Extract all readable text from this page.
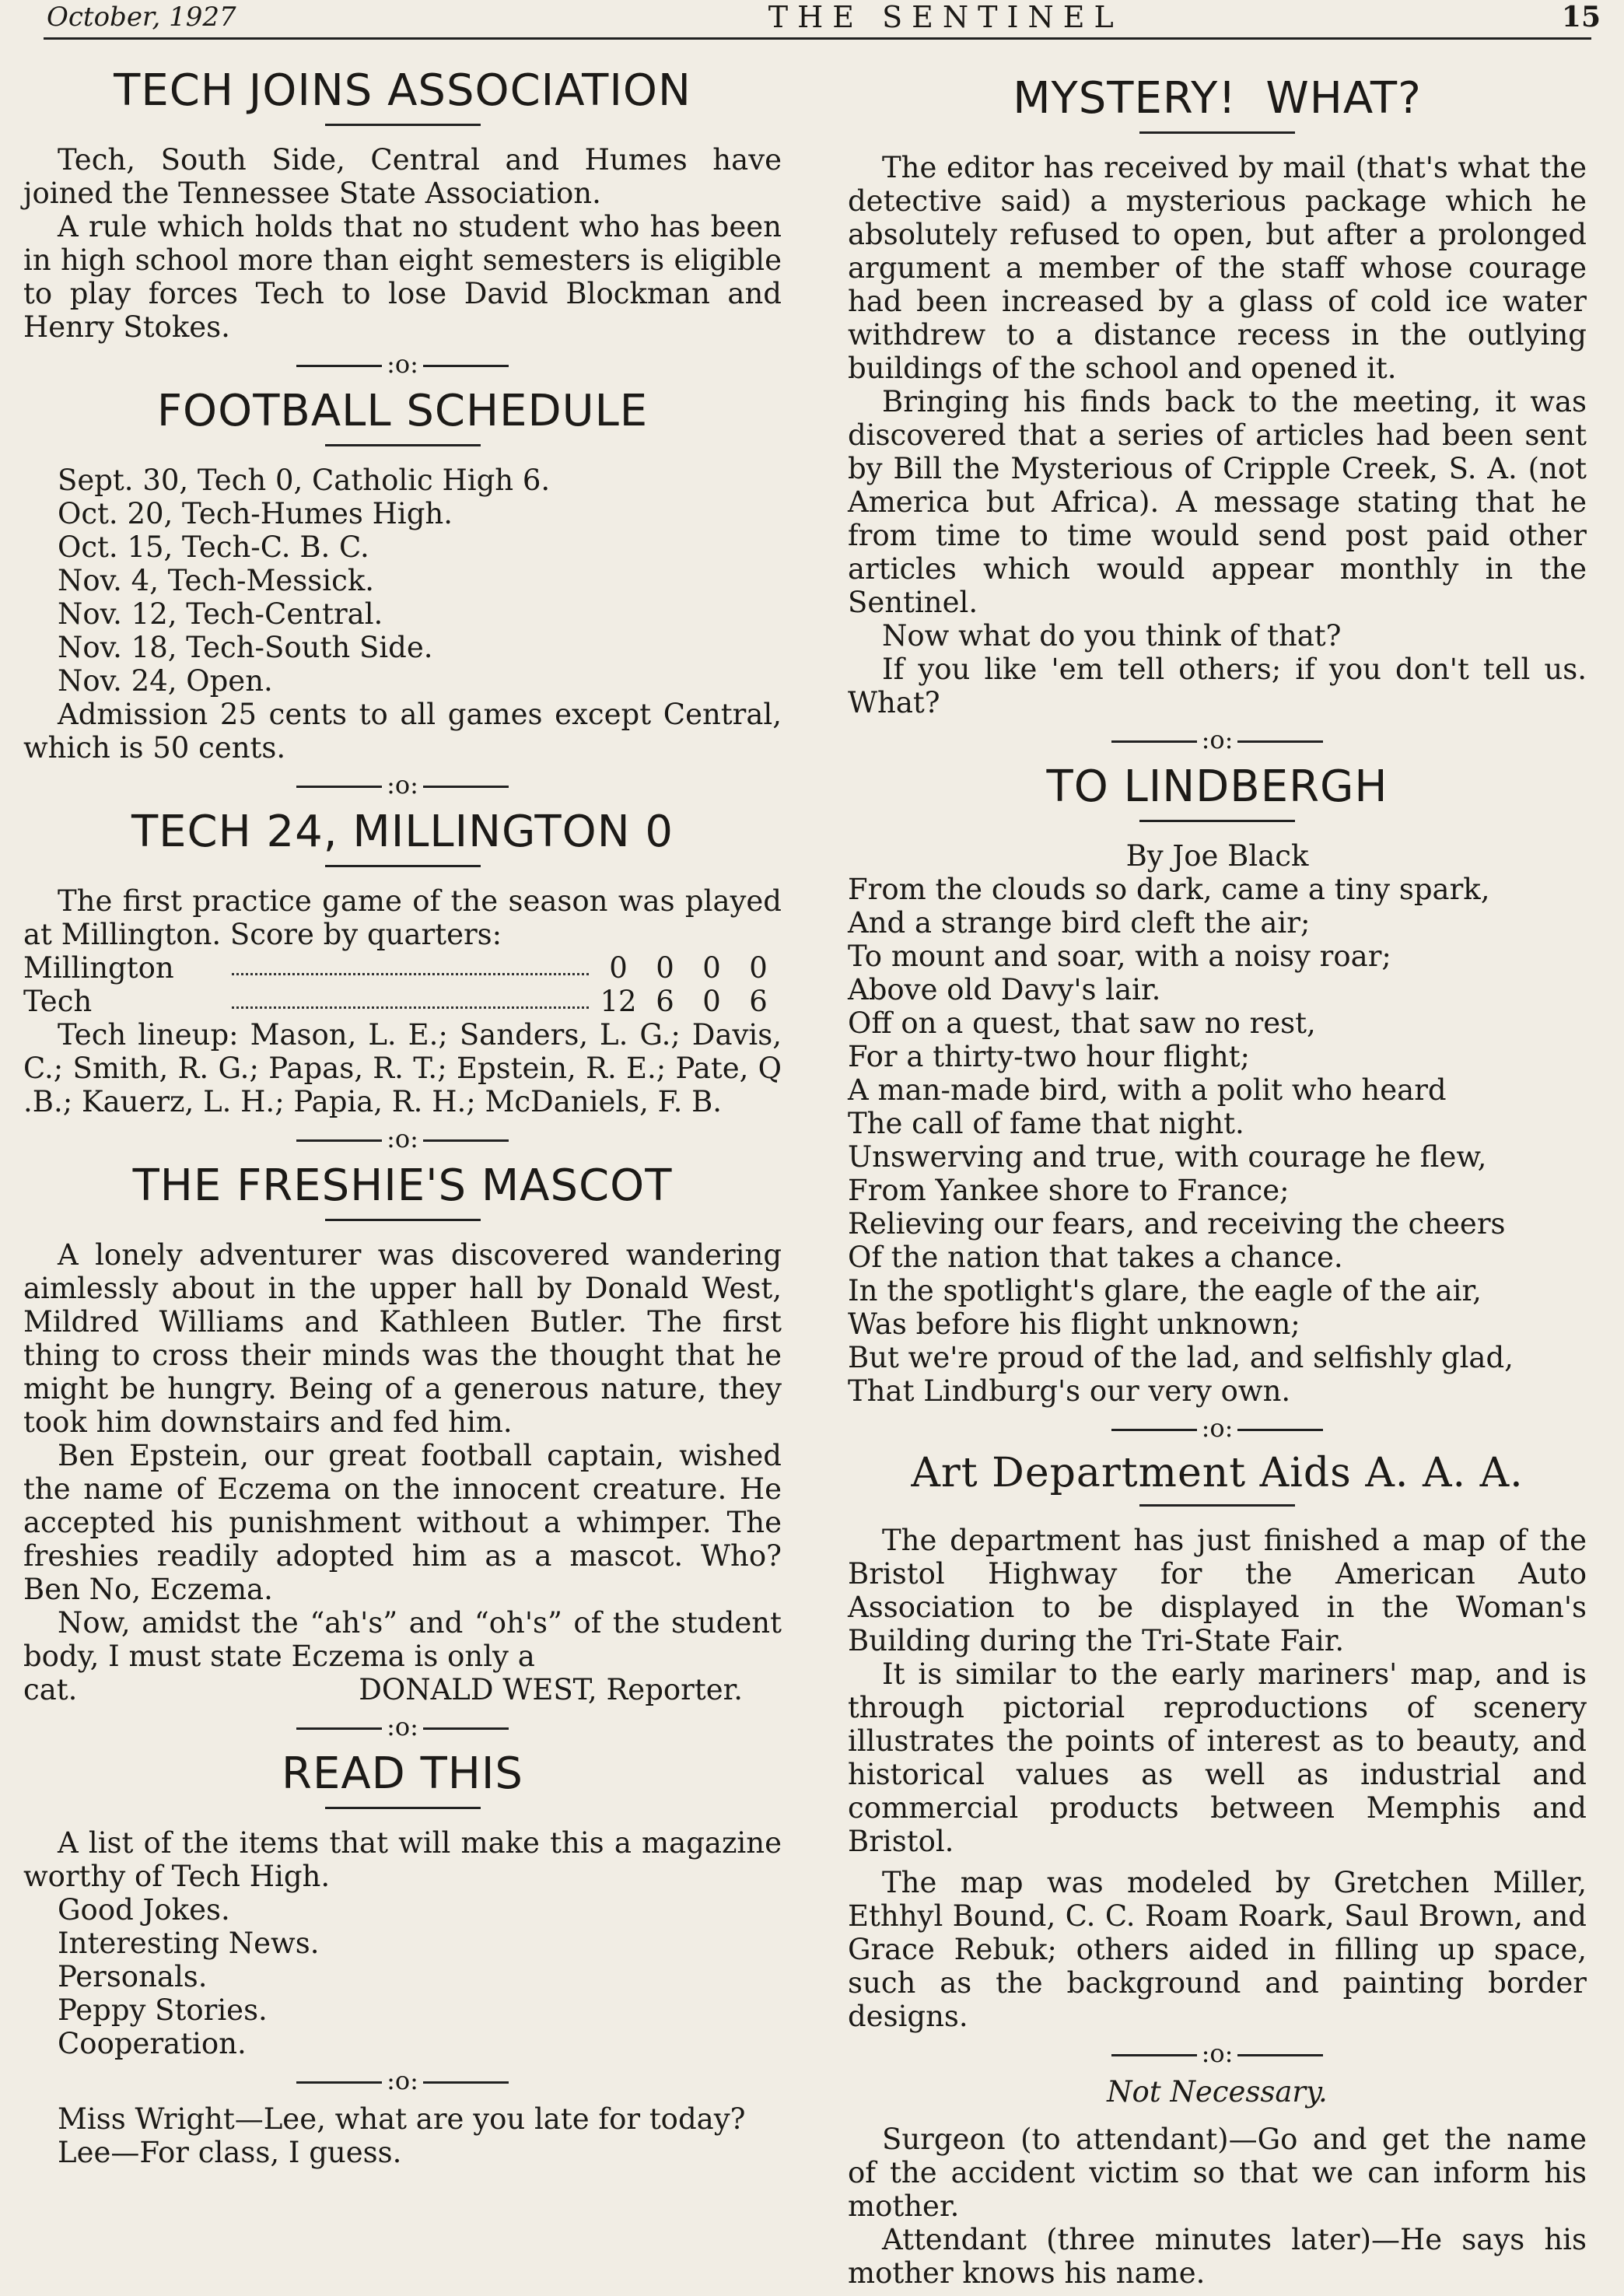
October, 1927	THE SENTINEL	15
TECH JOINS ASSOCIATION

Tech, South Side, Central and Humes have joined the Tennessee State Association.

A rule which holds that no student who has been in high school more than eight semesters is eligible to play forces Tech to lose David Blockman and Henry Stokes.

:o:
FOOTBALL SCHEDULE
Sept. 30, Tech 0, Catholic High 6.
Oct. 20, Tech-Humes High.
Oct. 15, Tech-C. B. C.
Nov. 4, Tech-Messick.
Nov. 12, Tech-Central.
Nov. 18, Tech-South Side.
Nov. 24, Open.

Admission 25 cents to all games except Central, which is 50 cents.

:o:
TECH 24, MILLINGTON 0

The first practice game of the season was played at Millington. Score by quarters:

Millington	0 0 0 0
Tech	12 6 0 6

Tech lineup: Mason, L. E.; Sanders, L. G.; Davis, C.; Smith, R. G.; Papas, R. T.; Epstein, R. E.; Pate, Q .B.; Kauerz, L. H.; Papia, R. H.; McDaniels, F. B.

:o:
THE FRESHIE'S MASCOT

A lonely adventurer was discovered wandering aimlessly about in the upper hall by Donald West, Mildred Williams and Kathleen Butler. The first thing to cross their minds was the thought that he might be hungry. Being of a generous nature, they took him downstairs and fed him.

Ben Epstein, our great football captain, wished the name of Eczema on the innocent creature. He accepted his punishment without a whimper. The freshies readily adopted him as a mascot. Who? Ben No, Eczema.

Now, amidst the “ah's” and “oh's” of the student body, I must state Eczema is only a

cat.	DONALD WEST, Reporter.
:o:
READ THIS

A list of the items that will make this a magazine worthy of Tech High.

Good Jokes.
Interesting News.
Personals.
Peppy Stories.
Cooperation.
:o:

Miss Wright—Lee, what are you late for today?

Lee—For class, I guess.

MYSTERY!  WHAT?

The editor has received by mail (that's what the detective said) a mysterious package which he absolutely refused to open, but after a prolonged argument a member of the staff whose courage had been increased by a glass of cold ice water withdrew to a distance recess in the outlying buildings of the school and opened it.

Bringing his finds back to the meeting, it was discovered that a series of articles had been sent by Bill the Mysterious of Cripple Creek, S. A. (not America but Africa). A message stating that he from time to time would send post paid other articles which would appear monthly in the Sentinel.

Now what do you think of that?

If you like 'em tell others; if you don't tell us. What?

:o:
TO LINDBERGH
By Joe Black
From the clouds so dark, came a tiny spark,
And a strange bird cleft the air;
To mount and soar, with a noisy roar;
Above old Davy's lair.
Off on a quest, that saw no rest,
For a thirty-two hour flight;
A man-made bird, with a polit who heard
The call of fame that night.
Unswerving and true, with courage he flew,
From Yankee shore to France;
Relieving our fears, and receiving the cheers
Of the nation that takes a chance.
In the spotlight's glare, the eagle of the air,
Was before his flight unknown;
But we're proud of the lad, and selfishly glad,
That Lindburg's our very own.
:o:
Art Department Aids A. A. A.

The department has just finished a map of the Bristol Highway for the American Auto Association to be displayed in the Woman's Building during the Tri-State Fair.

It is similar to the early mariners' map, and is through pictorial reproductions of scenery illustrates the points of interest as to beauty, and historical values as well as industrial and commercial products between Memphis and Bristol.

The map was modeled by Gretchen Miller, Ethhyl Bound, C. C. Roam Roark, Saul Brown, and Grace Rebuk; others aided in filling up space, such as the background and painting border designs.

:o:
Not Necessary.

Surgeon (to attendant)—Go and get the name of the accident victim so that we can inform his mother.

Attendant (three minutes later)—He says his mother knows his name.
